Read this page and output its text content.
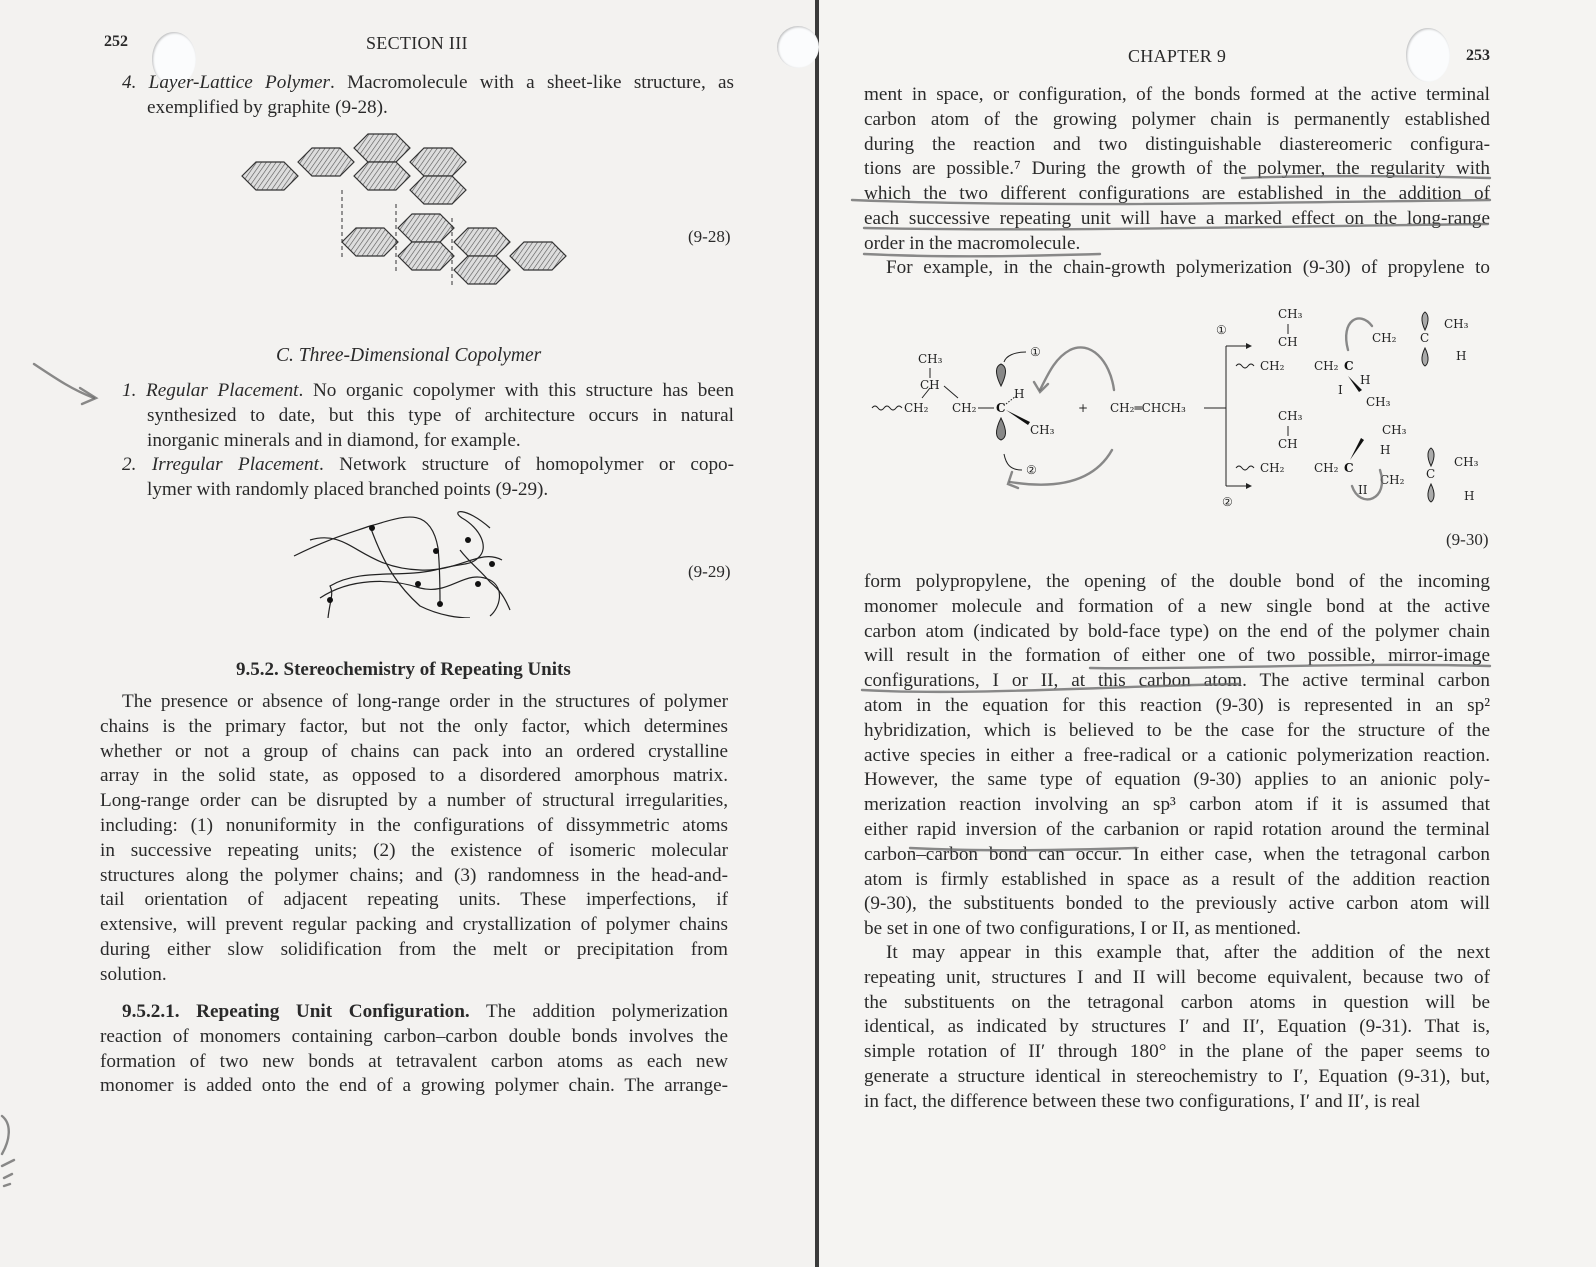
252	SECTION III
4. Layer-Lattice Polymer. Macromolecule with a sheet-like structure, as
exemplified by graphite (9-28).
(9-28)
C. Three-Dimensional Copolymer
1. Regular Placement. No organic copolymer with this structure has been
synthesized to date, but this type of architecture occurs in natural
inorganic minerals and in diamond, for example.
2. Irregular Placement. Network structure of homopolymer or copo-
lymer with randomly placed branched points (9-29).
(9-29)
9.5.2. Stereochemistry of Repeating Units
The presence or absence of long-range order in the structures of polymer
chains is the primary factor, but not the only factor, which determines
whether or not a group of chains can pack into an ordered crystalline
array in the solid state, as opposed to a disordered amorphous matrix.
Long-range order can be disrupted by a number of structural irregularities,
including: (1) nonuniformity in the configurations of dissymmetric atoms
in successive repeating units; (2) the existence of isomeric molecular
structures along the polymer chains; and (3) randomness in the head-and-
tail orientation of adjacent repeating units. These imperfections, if
extensive, will prevent regular packing and crystallization of polymer chains
during either slow solidification from the melt or precipitation from
solution.
9.5.2.1. Repeating Unit Configuration. The addition polymerization
reaction of monomers containing carbon–carbon double bonds involves the
formation of two new bonds at tetravalent carbon atoms as each new
monomer is added onto the end of a growing polymer chain. The arrange-
CHAPTER 9	253
ment in space, or configuration, of the bonds formed at the active terminal
carbon atom of the growing polymer chain is permanently established
during the reaction and two distinguishable diastereomeric configura-
tions are possible.⁷ During the growth of the polymer, the regularity with
which the two different configurations are established in the addition of
each successive repeating unit will have a marked effect on the long-range
order in the macromolecule.
For example, in the chain-growth polymerization (9-30) of propylene to
CH₂
CH
CH₃
CH₂ C
H
CH₃
①
②
+ CH₂═CHCH₃
①
②
CH₂
CH
CH₃
CH₂ C
H
I
CH₃
CH₂ C
CH₃
H
CH₂
CH
CH₃
CH₂ C
CH₃
H
II
CH₂ C
CH₃
H
(9-30)
form polypropylene, the opening of the double bond of the incoming
monomer molecule and formation of a new single bond at the active
carbon atom (indicated by bold-face type) on the end of the polymer chain
will result in the formation of either one of two possible, mirror-image
configurations, I or II, at this carbon atom. The active terminal carbon
atom in the equation for this reaction (9-30) is represented in an sp²
hybridization, which is believed to be the case for the structure of the
active species in either a free-radical or a cationic polymerization reaction.
However, the same type of equation (9-30) applies to an anionic poly-
merization reaction involving an sp³ carbon atom if it is assumed that
either rapid inversion of the carbanion or rapid rotation around the terminal
carbon–carbon bond can occur. In either case, when the tetragonal carbon
atom is firmly established in space as a result of the addition reaction
(9-30), the substituents bonded to the previously active carbon atom will
be set in one of two configurations, I or II, as mentioned.
It may appear in this example that, after the addition of the next
repeating unit, structures I and II will become equivalent, because two of
the substituents on the tetragonal carbon atoms in question will be
identical, as indicated by structures I′ and II′, Equation (9-31). That is,
simple rotation of II′ through 180° in the plane of the paper seems to
generate a structure identical in stereochemistry to I′, Equation (9-31), but,
in fact, the difference between these two configurations, I′ and II′, is real
